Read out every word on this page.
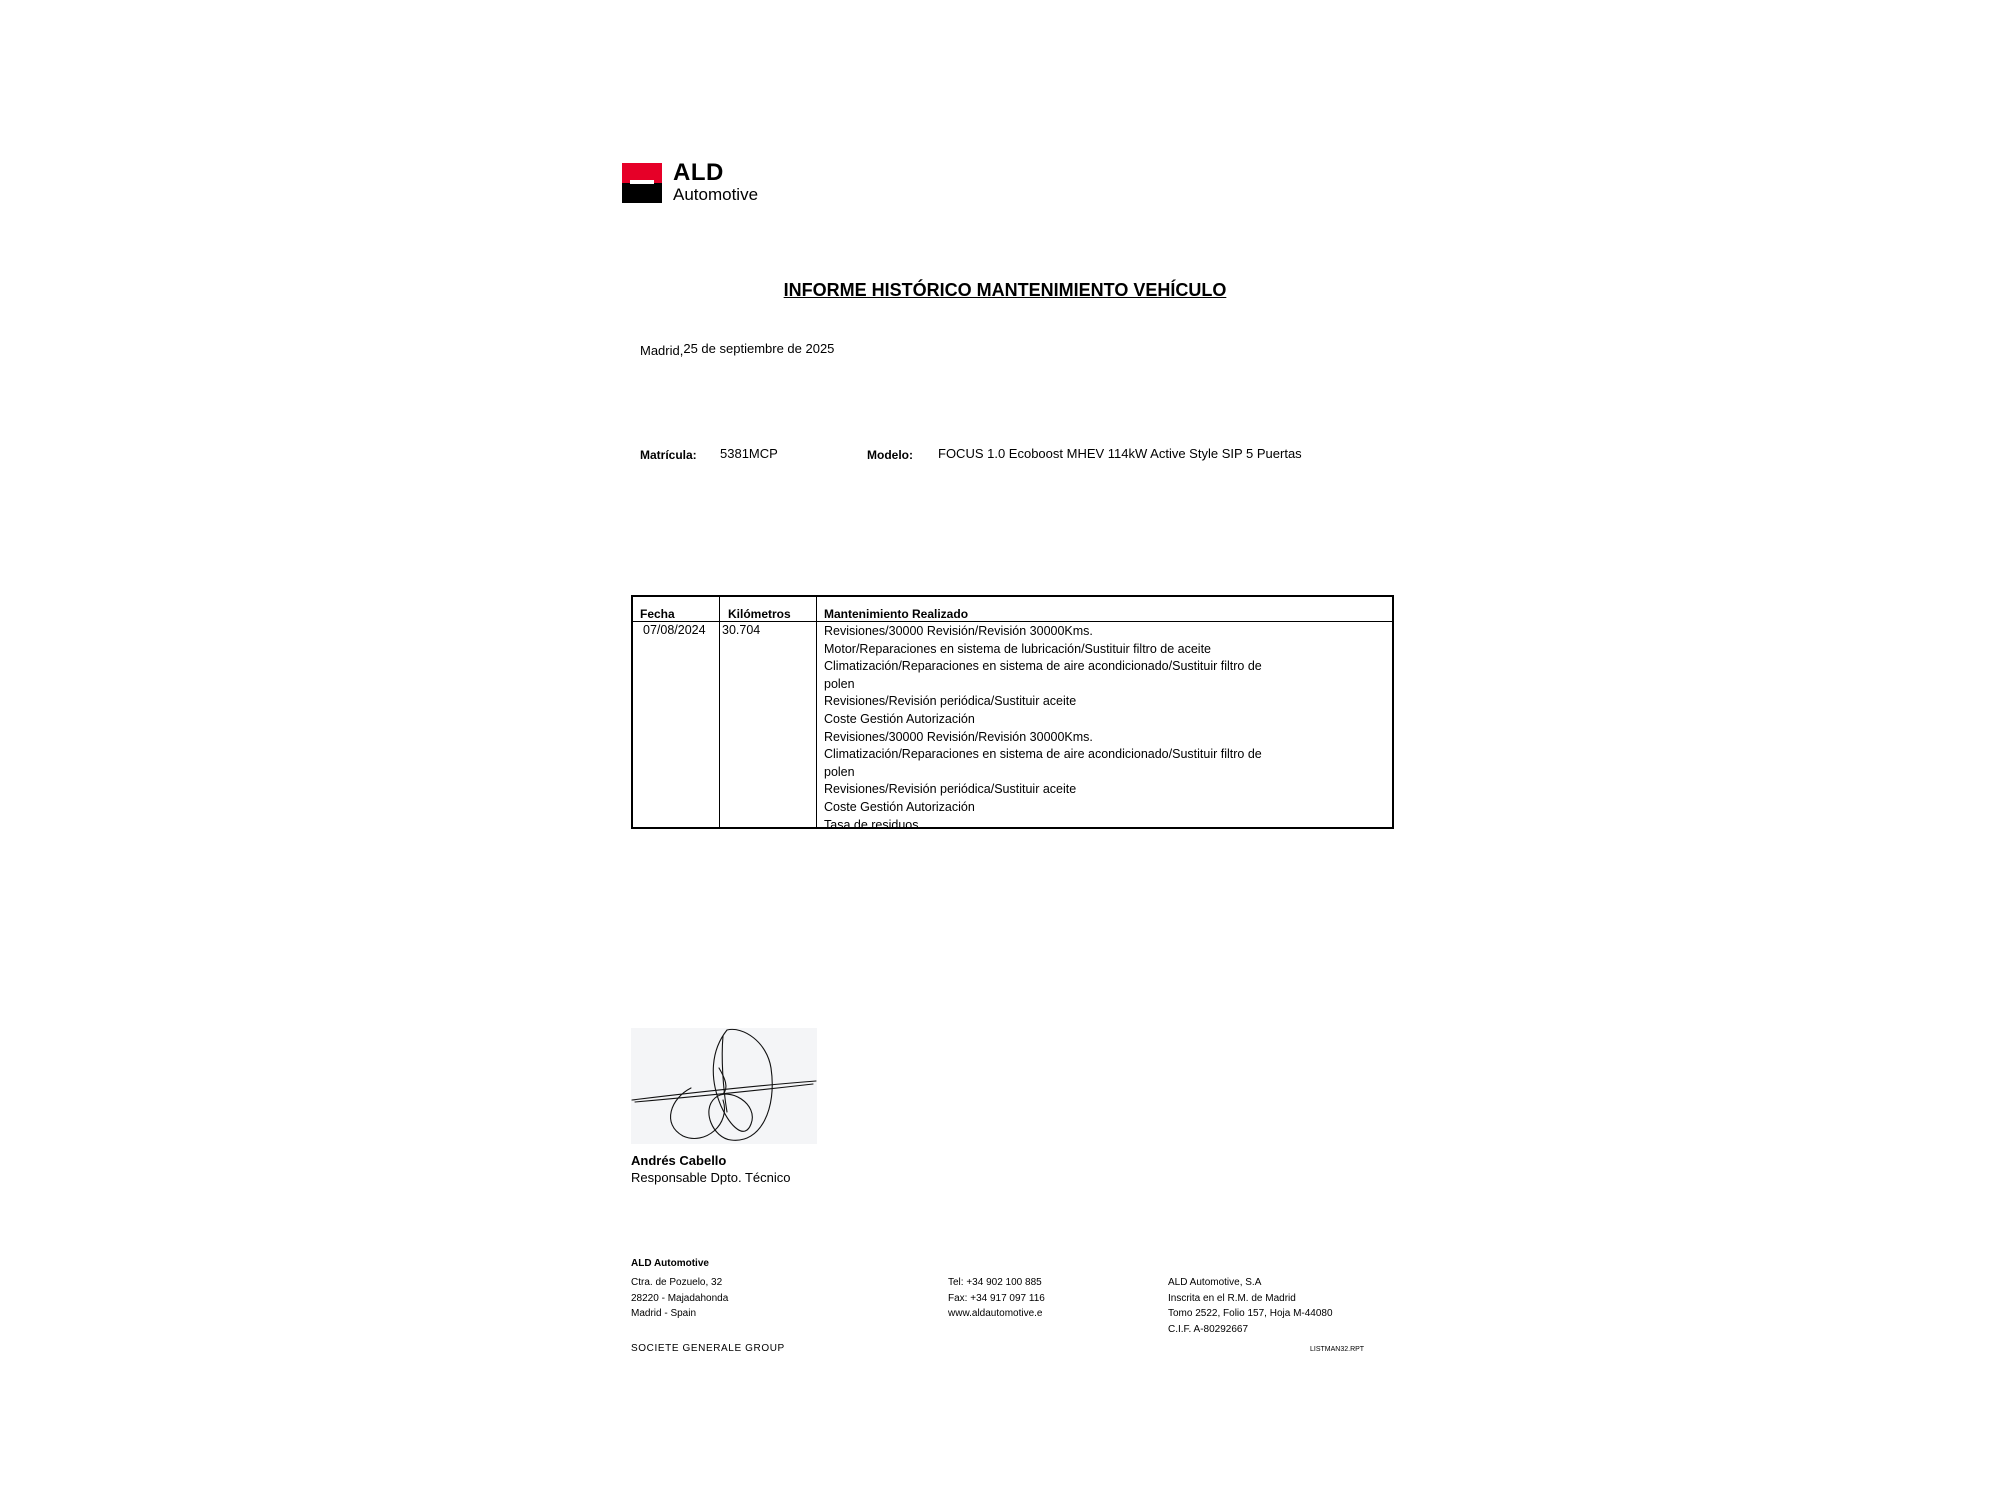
ALD
Automotive
INFORME HISTÓRICO MANTENIMIENTO VEHÍCULO
Madrid,25 de septiembre de 2025
Matrícula: 5381MCP	Modelo: FOCUS 1.0 Ecoboost MHEV 114kW Active Style SIP 5 Puertas
Fecha	Kilómetros	Mantenimiento Realizado
07/08/2024 30.704	Revisiones/30000 Revisión/Revisión 30000Kms.
Motor/Reparaciones en sistema de lubricación/Sustituir filtro de aceite
Climatización/Reparaciones en sistema de aire acondicionado/Sustituir filtro de
polen
Revisiones/Revisión periódica/Sustituir aceite
Coste Gestión Autorización
Revisiones/30000 Revisión/Revisión 30000Kms.
Climatización/Reparaciones en sistema de aire acondicionado/Sustituir filtro de
polen
Revisiones/Revisión periódica/Sustituir aceite
Coste Gestión Autorización
Tasa de residuos
Andrés Cabello
Responsable Dpto. Técnico
ALD Automotive
Ctra. de Pozuelo, 32
28220 - Majadahonda
Madrid - Spain
Tel: +34 902 100 885
Fax: +34 917 097 116
www.aldautomotive.e
ALD Automotive, S.A
Inscrita en el R.M. de Madrid
Tomo 2522, Folio 157, Hoja M-44080
C.I.F. A-80292667
SOCIETE GENERALE GROUP	LISTMAN32.RPT
